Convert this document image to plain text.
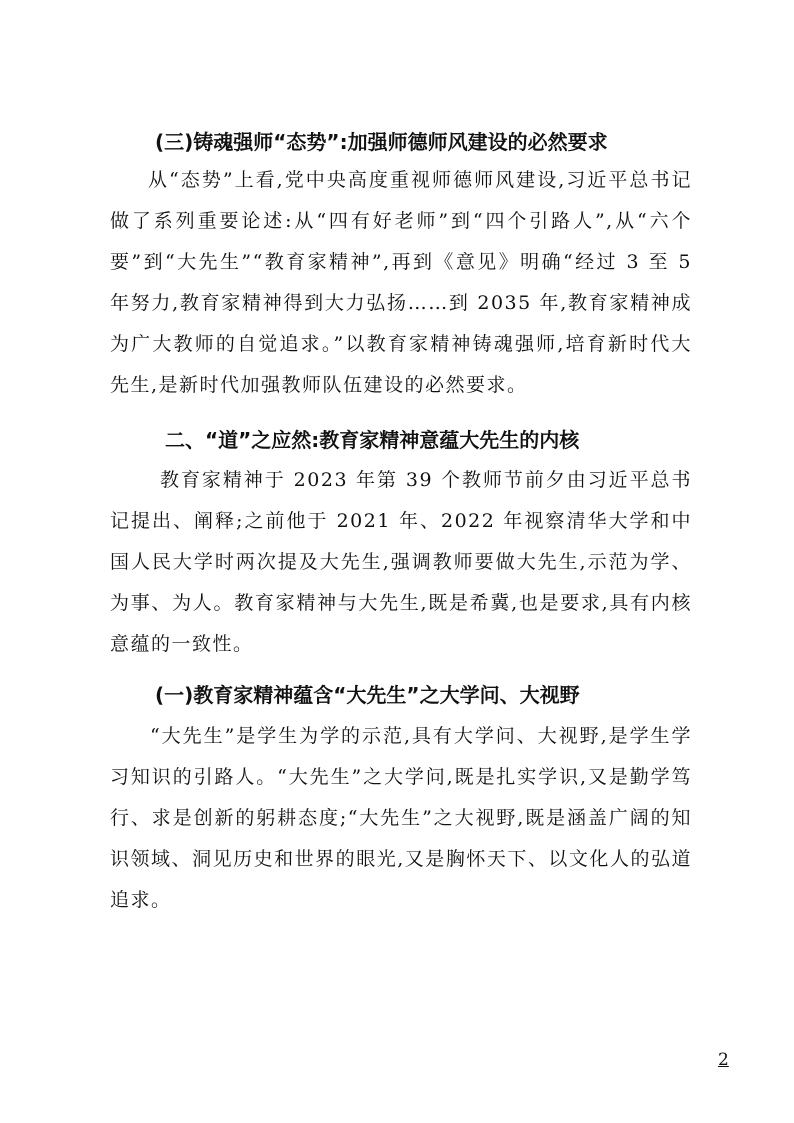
(三)铸魂强师“态势”:加强师德师风建设的必然要求
从“态势”上看,党中央高度重视师德师风建设,习近平总书记做了系列重要论述:从“四有好老师”到“四个引路人”,从“六个要”到“大先生”“教育家精神”,再到《意见》明确“经过 3 至 5 年努力,教育家精神得到大力弘扬……到 2035 年,教育家精神成为广大教师的自觉追求。”以教育家精神铸魂强师,培育新时代大先生,是新时代加强教师队伍建设的必然要求。
二、“道”之应然:教育家精神意蕴大先生的内核
教育家精神于 2023 年第 39 个教师节前夕由习近平总书记提出、阐释;之前他于 2021 年、2022 年视察清华大学和中国人民大学时两次提及大先生,强调教师要做大先生,示范为学、为事、为人。教育家精神与大先生,既是希冀,也是要求,具有内核意蕴的一致性。
(一)教育家精神蕴含“大先生”之大学问、大视野
“大先生”是学生为学的示范,具有大学问、大视野,是学生学习知识的引路人。“大先生”之大学问,既是扎实学识,又是勤学笃行、求是创新的躬耕态度;“大先生”之大视野,既是涵盖广阔的知识领域、洞见历史和世界的眼光,又是胸怀天下、以文化人的弘道追求。
2
